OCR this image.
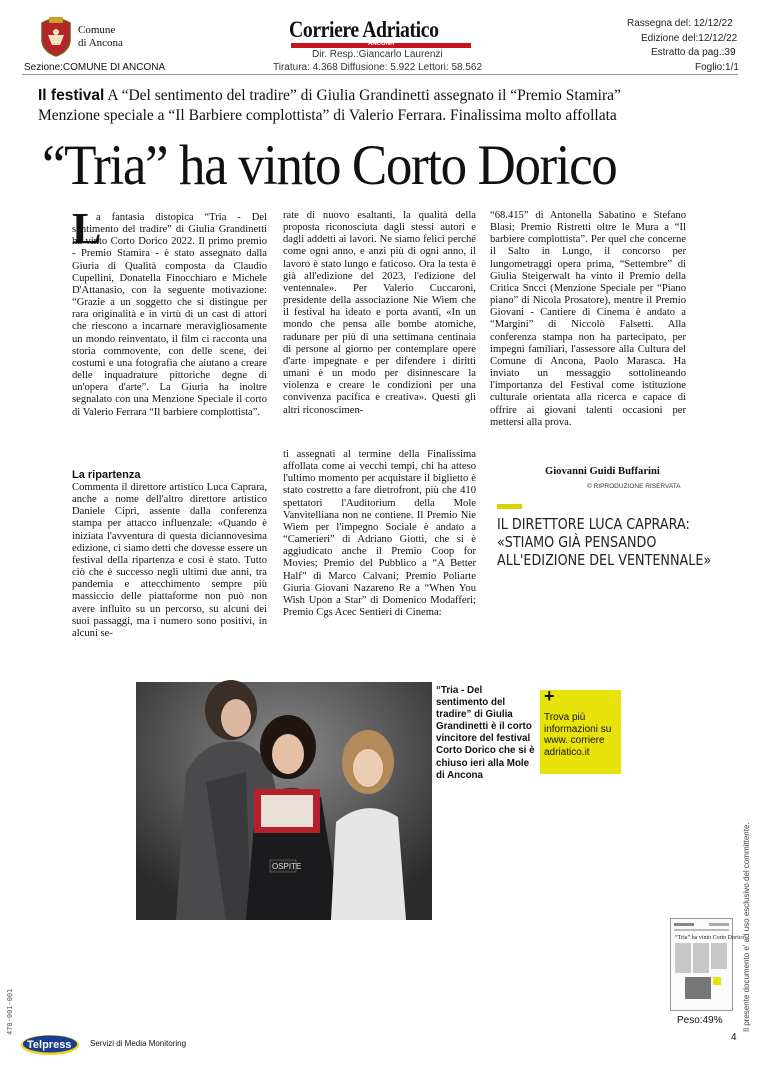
Comune
di Ancona
Sezione:COMUNE DI ANCONA
Corriere Adriatico
ANCONA
Dir. Resp.:Giancarlo Laurenzi
Tiratura: 4.368 Diffusione: 5.922 Lettori: 58.562
Rassegna del: 12/12/22
Edizione del:12/12/22
Estratto da pag.:39
Foglio:1/1
Il festival A “Del sentimento del tradire” di Giulia Grandinetti assegnato il “Premio Stamira”
Menzione speciale a “Il Barbiere complottista” di Valerio Ferrara. Finalissima molto affollata
“Tria” ha vinto Corto Dorico
L
a fantasia distopica “Tria - Del sentimento del tradire” di Giulia Grandinetti ha vinto Corto Dorico 2022. Il primo premio - Premio Stamira - è stato assegnato dalla Giuria di Qualità composta da Claudio Cupellini, Donatella Finocchiaro e Michele D'Attanasio, con la seguente motivazione: “Grazie a un soggetto che si distingue per rara originalità e in virtù di un cast di attori che riescono a incarnare meravigliosamente un mondo reinventato, il film ci racconta una storia commovente, con delle scene, dei costumi e una fotografia che aiutano a creare delle inquadrature pittoriche degne di un'opera d'arte”. La Giuria ha inoltre segnalato con una Menzione Speciale il corto di Valerio Ferrara “Il barbiere complottista”.
La ripartenza
Commenta il direttore artistico Luca Caprara, anche a nome dell'altro direttore artistico Daniele Ciprì, assente dalla conferenza stampa per attacco influenzale: «Quando è iniziata l'avventura di questa diciannovesima edizione, ci siamo detti che dovesse essere un festival della ripartenza e così è stato. Tutto ciò che è successo negli ultimi due anni, tra pandemia e attecchimento sempre più massiccio delle piattaforme non può non avere influito su un percorso, su alcuni dei suoi passaggi, ma i numero sono positivi, in alcuni se-
rate di nuovo esaltanti, la qualità della proposta riconosciuta dagli stessi autori e dagli addetti ai lavori. Ne siamo felici perché come ogni anno, e anzi più di ogni anno, il lavoro è stato lungo e faticoso. Ora la testa è già all'edizione del 2023, l'edizione del ventennale». Per Valerio Cuccaroni, presidente della associazione Nie Wiem che il festival ha ideato e porta avanti, «In un mondo che pensa alle bombe atomiche, radunare per più di una settimana centinaia di persone al giorno per contemplare opere d'arte impegnate e per difendere i diritti umani è un modo per disinnescare la violenza e creare le condizioni per una convivenza pacifica e creativa». Questi gli altri riconoscimen-
ti assegnati al termine della Finalissima affollata come ai vecchi tempi, chi ha atteso l'ultimo momento per acquistare il biglietto è stato costretto a fare dietrofront, più che 410 spettatori l'Auditorium della Mole Vanvitelliana non ne contiene. Il Premio Nie Wiem per l'impegno Sociale è andato a “Camerieri” di Adriano Giotti, che si è aggiudicato anche il Premio Coop for Movies; Premio del Pubblico a “A Better Half” di Marco Calvani; Premio Poliarte Giuria Giovani Nazareno Re a “When You Wish Upon a Star” di Domenico Modafferi; Premio Cgs Acec Sentieri di Cinema:
“68.415” di Antonella Sabatino e Stefano Blasi; Premio Ristretti oltre le Mura a “Il barbiere complottista”. Per quel che concerne il Salto in Lungo, il concorso per lungometraggi opera prima, “Settembre” di Giulia Steigerwalt ha vinto il Premio della Critica Sncci (Menzione Speciale per “Piano piano” di Nicola Prosatore), mentre il Premio Giovani - Cantiere di Cinema è andato a “Margini” di Niccolò Falsetti. Alla conferenza stampa non ha partecipato, per impegni familiari, l'assessore alla Cultura del Comune di Ancona, Paolo Marasca. Ha inviato un messaggio sottolineando l'importanza del Festival come istituzione culturale orientata alla ricerca e capace di offrire ai giovani talenti occasioni per mettersi alla prova.
Giovanni Guidi Buffarini
© RIPRODUZIONE RISERVATA
IL DIRETTORE LUCA CAPRARA:
«STIAMO GIÀ PENSANDO
ALL'EDIZIONE DEL VENTENNALE»
OSPITE
“Tria - Del sentimento del tradire” di Giulia Grandinetti è il corto vincitore del festival Corto Dorico che si è chiuso ieri alla Mole di Ancona
+
Trova più informazioni su www. corriere adriatico.it
“Tria” ha vinto Corto Dorico
Peso:49% Il presente documento e' ad uso esclusivo del committente.
470-001-001
Telpress Servizi di Media Monitoring
4
